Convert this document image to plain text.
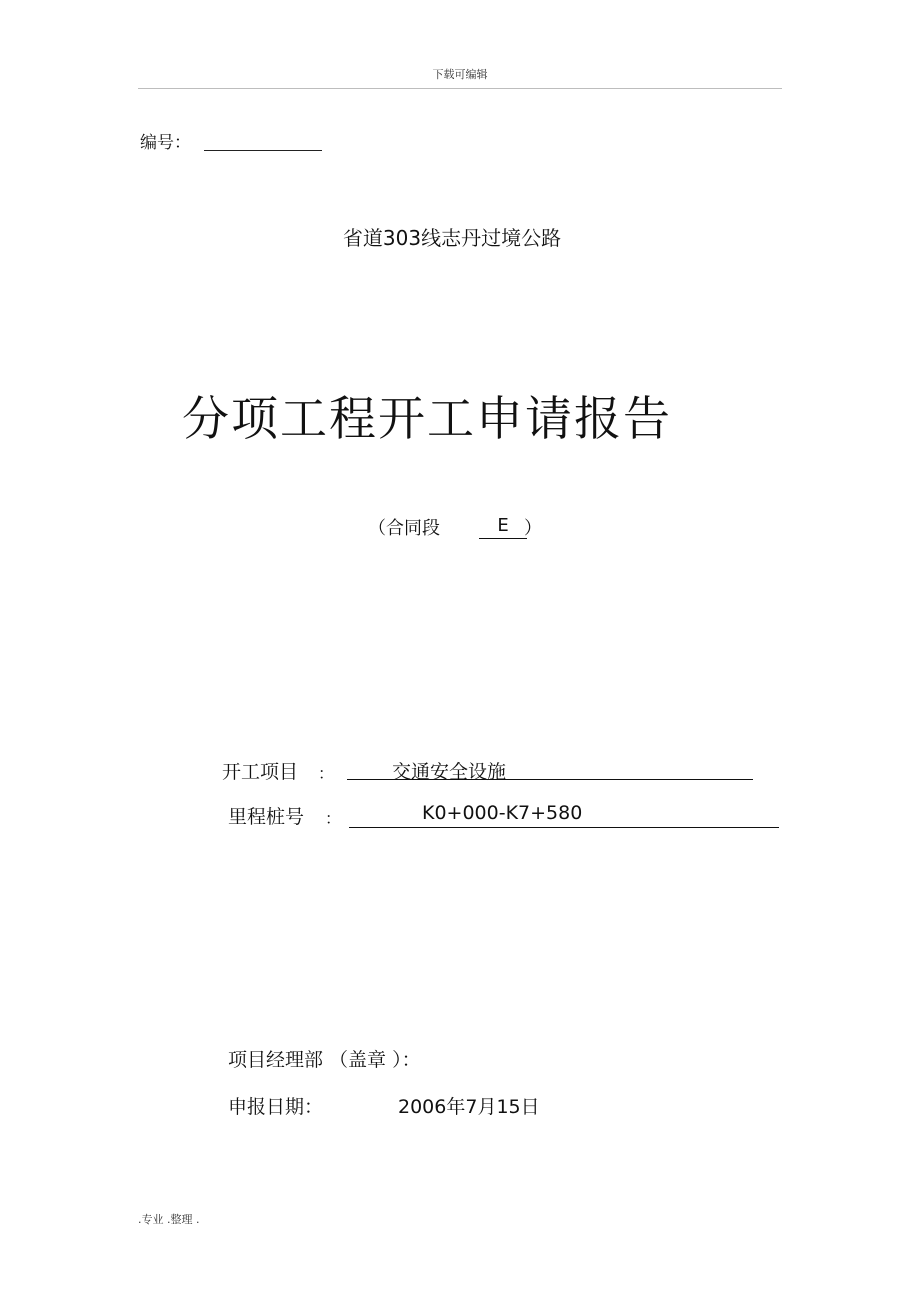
下载可编辑
编号：
省道303线志丹过境公路
分项工程开工申请报告
（合同段	E ）
开工项目 ：	交通安全设施
里程桩号 ：	K0+000-K7+580
项目经理部 （盖章 ）：
申报日期：	2006年7月15日
.专业 .整理 .
